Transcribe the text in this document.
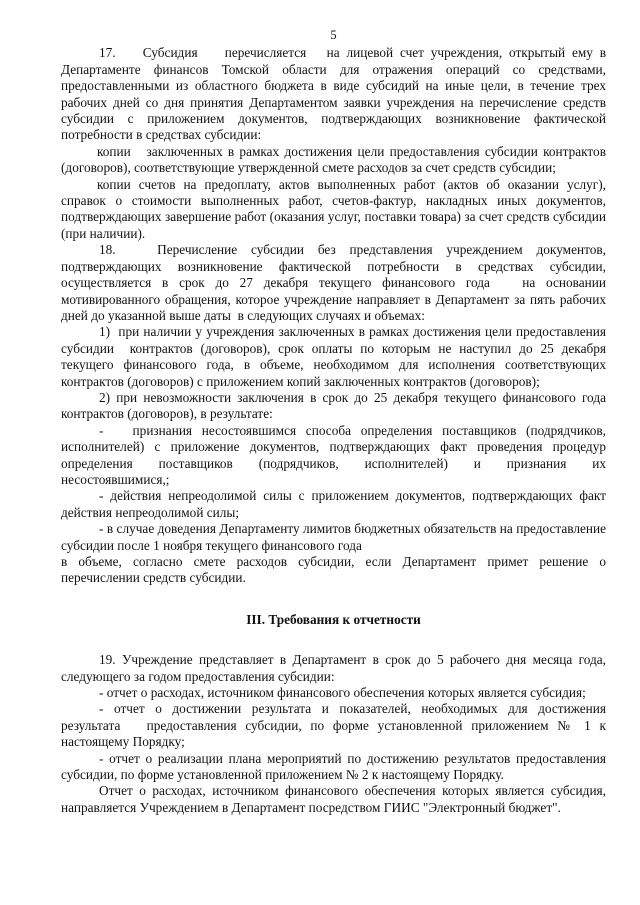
5

17.    Субсидия    перечисляется   на лицевой счет учреждения, открытый ему в Департаменте финансов Томской области для отражения операций со средствами, предоставленными из областного бюджета в виде субсидий на иные цели, в течение трех рабочих дней со дня принятия Департаментом заявки учреждения на перечисление средств субсидии с приложением документов, подтверждающих возникновение фактической потребности в средствах субсидии:

копии   заключенных в рамках достижения цели предоставления субсидии контрактов (договоров), соответствующие утвержденной смете расходов за счет средств субсидии;

копии счетов на предоплату, актов выполненных работ (актов об оказании услуг), справок о стоимости выполненных работ, счетов-фактур, накладных иных документов, подтверждающих завершение работ (оказания услуг, поставки товара) за счет средств субсидии (при наличии).

18.   Перечисление субсидии без представления учреждением документов, подтверждающих возникновение фактической потребности в средствах субсидии, осуществляется в срок до 27 декабря текущего финансового года   на основании мотивированного обращения, которое учреждение направляет в Департамент за пять рабочих дней до указанной выше даты  в следующих случаях и объемах:

1)  при наличии у учреждения заключенных в рамках достижения цели предоставления субсидии  контрактов (договоров), срок оплаты по которым не наступил до 25 декабря текущего финансового года, в объеме, необходимом для исполнения соответствующих контрактов (договоров) с приложением копий заключенных контрактов (договоров);

2) при невозможности заключения в срок до 25 декабря текущего финансового года контрактов (договоров), в результате:

-   признания несостоявшимся способа определения поставщиков (подрядчиков, исполнителей) с приложение документов, подтверждающих факт проведения процедур определения     поставщиков     (подрядчиков,     исполнителей)     и     признания     их несостоявшимися,;

- действия непреодолимой силы с приложением документов, подтверждающих факт действия непреодолимой силы;

- в случае доведения Департаменту лимитов бюджетных обязательств на предоставление субсидии после 1 ноября текущего финансового года

в объеме, согласно смете расходов субсидии, если Департамент примет решение о перечислении средств субсидии.

III. Требования к отчетности

19. Учреждение представляет в Департамент в срок до 5 рабочего дня месяца года, следующего за годом предоставления субсидии:

- отчет о расходах, источником финансового обеспечения которых является субсидия;

- отчет о достижении результата и показателей, необходимых для достижения результата   предоставления субсидии, по форме установленной приложением № 1 к настоящему Порядку;

- отчет о реализации плана мероприятий по достижению результатов предоставления субсидии, по форме установленной приложением № 2 к настоящему Порядку.

Отчет о расходах, источником финансового обеспечения которых является субсидия, направляется Учреждением в Департамент посредством ГИИС "Электронный бюджет".
